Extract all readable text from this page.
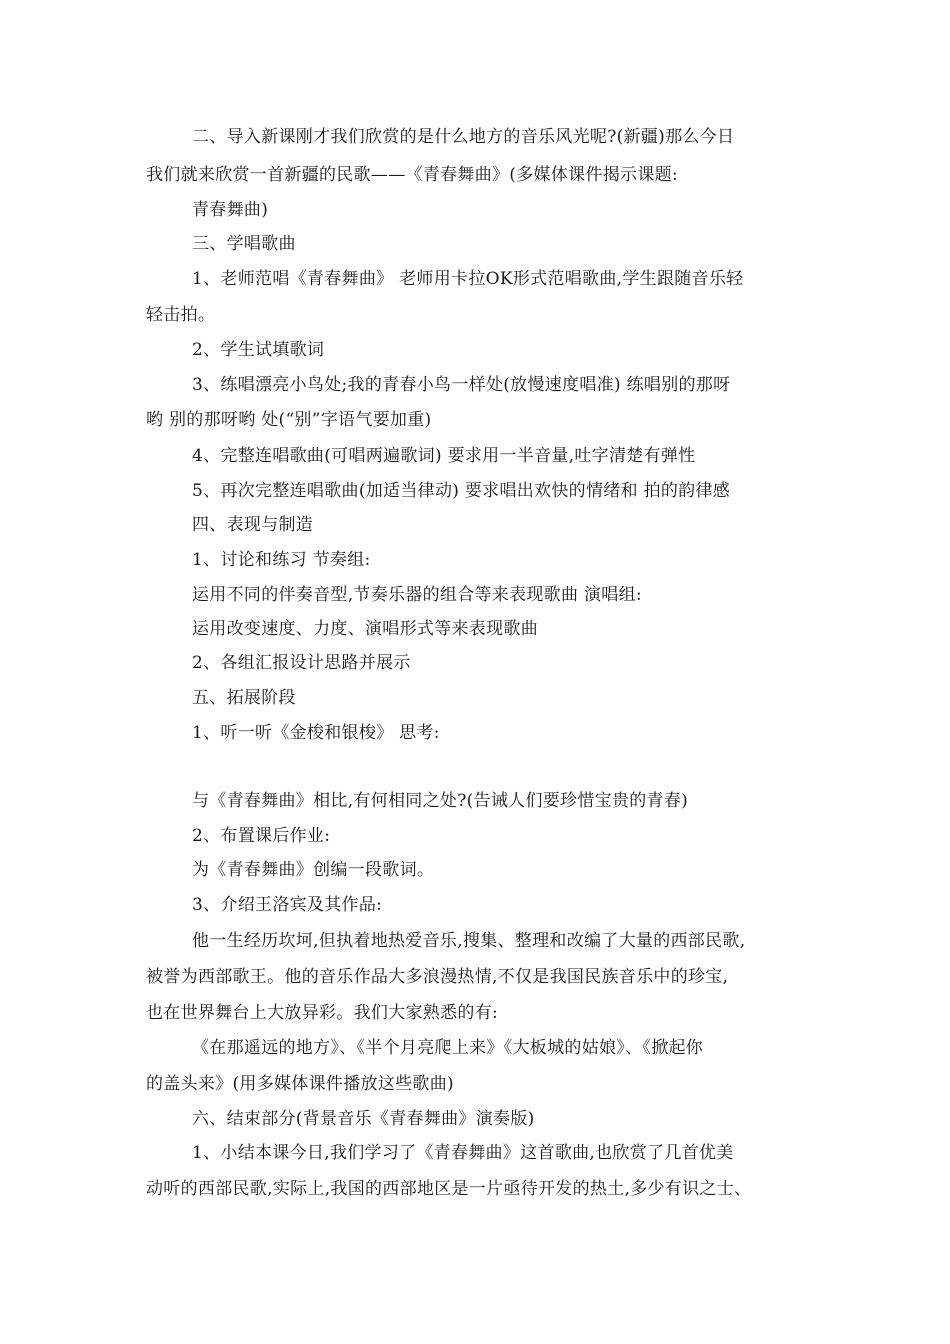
二、导入新课刚才我们欣赏的是什么地方的音乐风光呢?(新疆)那么今日
我们就来欣赏一首新疆的民歌——《青春舞曲》(多媒体课件揭示课题:
青春舞曲)
三、学唱歌曲
1、老师范唱《青春舞曲》 老师用卡拉OK形式范唱歌曲,学生跟随音乐轻
轻击拍。
2、学生试填歌词
3、练唱漂亮小鸟处;我的青春小鸟一样处(放慢速度唱准) 练唱别的那呀
哟 别的那呀哟 处(“别”字语气要加重)
4、完整连唱歌曲(可唱两遍歌词) 要求用一半音量,吐字清楚有弹性
5、再次完整连唱歌曲(加适当律动) 要求唱出欢快的情绪和 拍的韵律感
四、表现与制造
1、讨论和练习 节奏组:
运用不同的伴奏音型,节奏乐器的组合等来表现歌曲 演唱组:
运用改变速度、力度、演唱形式等来表现歌曲
2、各组汇报设计思路并展示
五、拓展阶段
1、听一听《金梭和银梭》 思考:
与《青春舞曲》相比,有何相同之处?(告诫人们要珍惜宝贵的青春)
2、布置课后作业:
为《青春舞曲》创编一段歌词。
3、介绍王洛宾及其作品:
他一生经历坎坷,但执着地热爱音乐,搜集、整理和改编了大量的西部民歌,
被誉为西部歌王。他的音乐作品大多浪漫热情,不仅是我国民族音乐中的珍宝,
也在世界舞台上大放异彩。我们大家熟悉的有:
《在那遥远的地方》、《半个月亮爬上来》《大板城的姑娘》、《掀起你
的盖头来》(用多媒体课件播放这些歌曲)
六、结束部分(背景音乐《青春舞曲》演奏版)
1、小结本课今日,我们学习了《青春舞曲》这首歌曲,也欣赏了几首优美
动听的西部民歌,实际上,我国的西部地区是一片亟待开发的热土,多少有识之士、
